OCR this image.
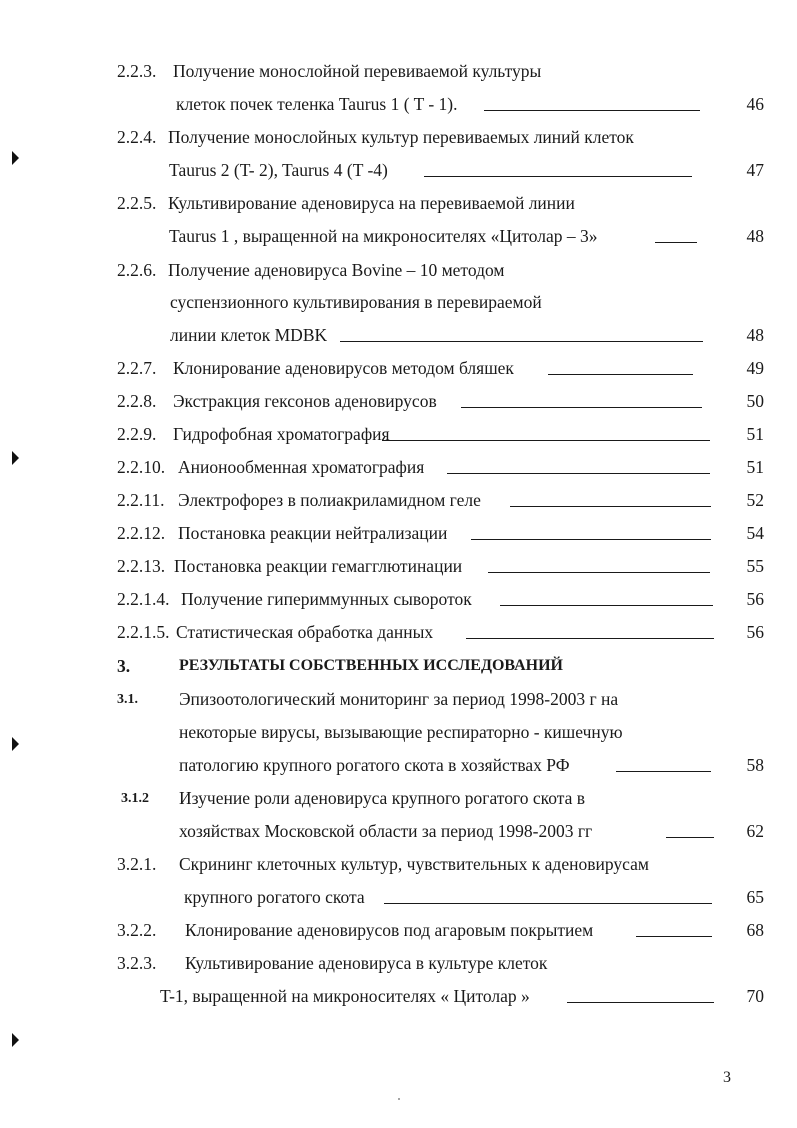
2.2.3. Получение монослойной перевиваемой культуры
клеток почек теленка Taurus 1 ( T - 1).	46
2.2.4. Получение монослойных культур перевиваемых линий клеток
Taurus 2 (T- 2), Taurus 4 (T -4)	47
2.2.5. Культивирование аденовируса на перевиваемой линии
Taurus 1 , выращенной на микроносителях «Цитолар – 3»	48
2.2.6. Получение аденовируса Bovine – 10 методом
суспензионного культивирования в перевираемой
линии клеток MDBK	48
2.2.7. Клонирование аденовирусов методом бляшек	49
2.2.8. Экстракция гексонов аденовирусов	50
2.2.9. Гидрофобная хроматография	51
2.2.10. Анионообменная хроматография	51
2.2.11. Электрофорез в полиакриламидном геле	52
2.2.12. Постановка реакции нейтрализации	54
2.2.13. Постановка реакции гемагглютинации	55
2.2.1.4. Получение гипериммунных сывороток	56
2.2.1.5. Статистическая обработка данных	56
3.	РЕЗУЛЬТАТЫ СОБСТВЕННЫХ ИССЛЕДОВАНИЙ
3.1. Эпизоотологический мониторинг за период 1998-2003 г на
некоторые вирусы, вызывающие респираторно - кишечную
патологию крупного рогатого скота в хозяйствах РФ	58
3.1.2 Изучение роли аденовируса крупного рогатого скота в
хозяйствах Московской области за период 1998-2003 гг	62
3.2.1. Скрининг клеточных культур, чувствительных к аденовирусам
крупного рогатого скота	65
3.2.2. Клонирование аденовирусов под агаровым покрытием	68
3.2.3. Культивирование аденовируса в культуре клеток
T-1, выращенной на микроносителях « Цитолар »	70
3
